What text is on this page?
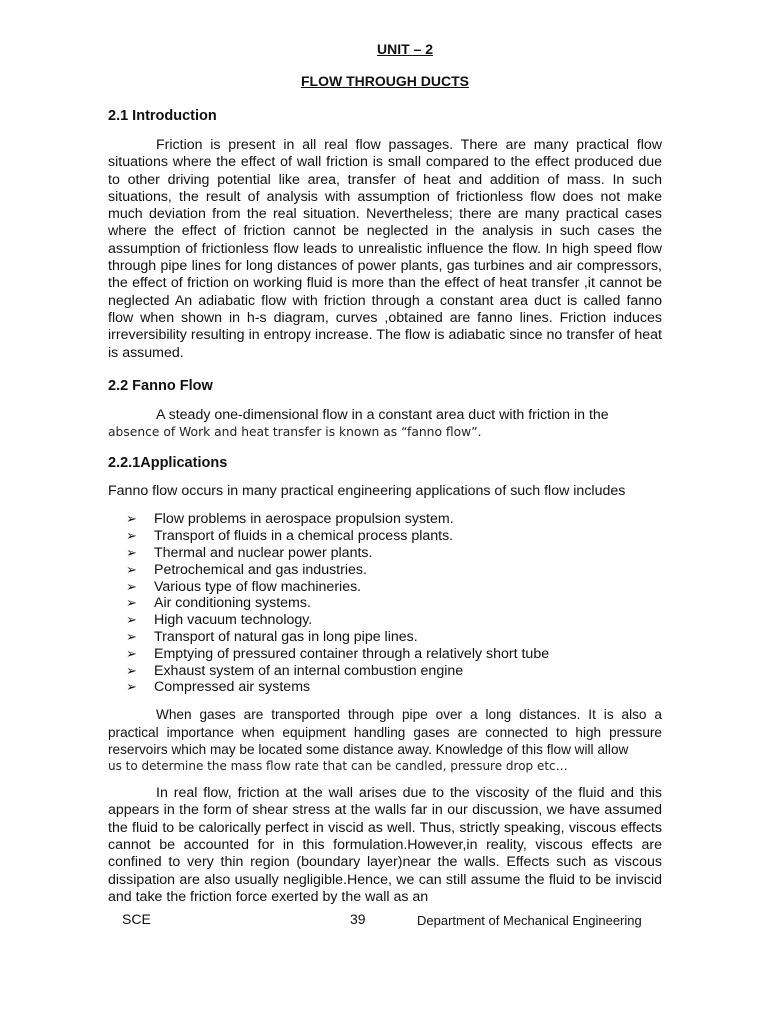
UNIT – 2
FLOW THROUGH DUCTS
2.1 Introduction

Friction is present in all real flow passages. There are many practical flow situations where the effect of wall friction is small compared to the effect produced due to other driving potential like area, transfer of heat and addition of mass. In such situations, the result of analysis with assumption of frictionless flow does not make much deviation from the real situation. Nevertheless; there are many practical cases where the effect of friction cannot be neglected in the analysis in such cases the assumption of frictionless flow leads to unrealistic influence the flow. In high speed flow through pipe lines for long distances of power plants, gas turbines and air compressors, the effect of friction on working fluid is more than the effect of heat transfer ,it cannot be neglected An adiabatic flow with friction through a constant area duct is called fanno flow when shown in h-s diagram, curves ,obtained are fanno lines. Friction induces irreversibility resulting in entropy increase. The flow is adiabatic since no transfer of heat is assumed.

2.2 Fanno Flow

A steady one-dimensional flow in a constant area duct with friction in the

absence of Work and heat transfer is known as “fanno flow”.

2.2.1Applications

Fanno flow occurs in many practical engineering applications of such flow includes

➢ Flow problems in aerospace propulsion system.
➢ Transport of fluids in a chemical process plants.
➢ Thermal and nuclear power plants.
➢ Petrochemical and gas industries.
➢ Various type of flow machineries.
➢ Air conditioning systems.
➢ High vacuum technology.
➢ Transport of natural gas in long pipe lines.
➢ Emptying of pressured container through a relatively short tube
➢ Exhaust system of an internal combustion engine
➢ Compressed air systems

When gases are transported through pipe over a long distances. It is also a practical importance when equipment handling gases are connected to high pressure reservoirs which may be located some distance away. Knowledge of this flow will allow

us to determine the mass flow rate that can be candled, pressure drop etc…

In real flow, friction at the wall arises due to the viscosity of the fluid and this appears in the form of shear stress at the walls far in our discussion, we have assumed the fluid to be calorically perfect in viscid as well. Thus, strictly speaking, viscous effects cannot be accounted for in this formulation.However,in reality, viscous effects are confined to very thin region (boundary layer)near the walls. Effects such as viscous dissipation are also usually negligible.Hence, we can still assume the fluid to be inviscid and take the friction force exerted by the wall as an

SCE	39	Department of Mechanical Engineering
